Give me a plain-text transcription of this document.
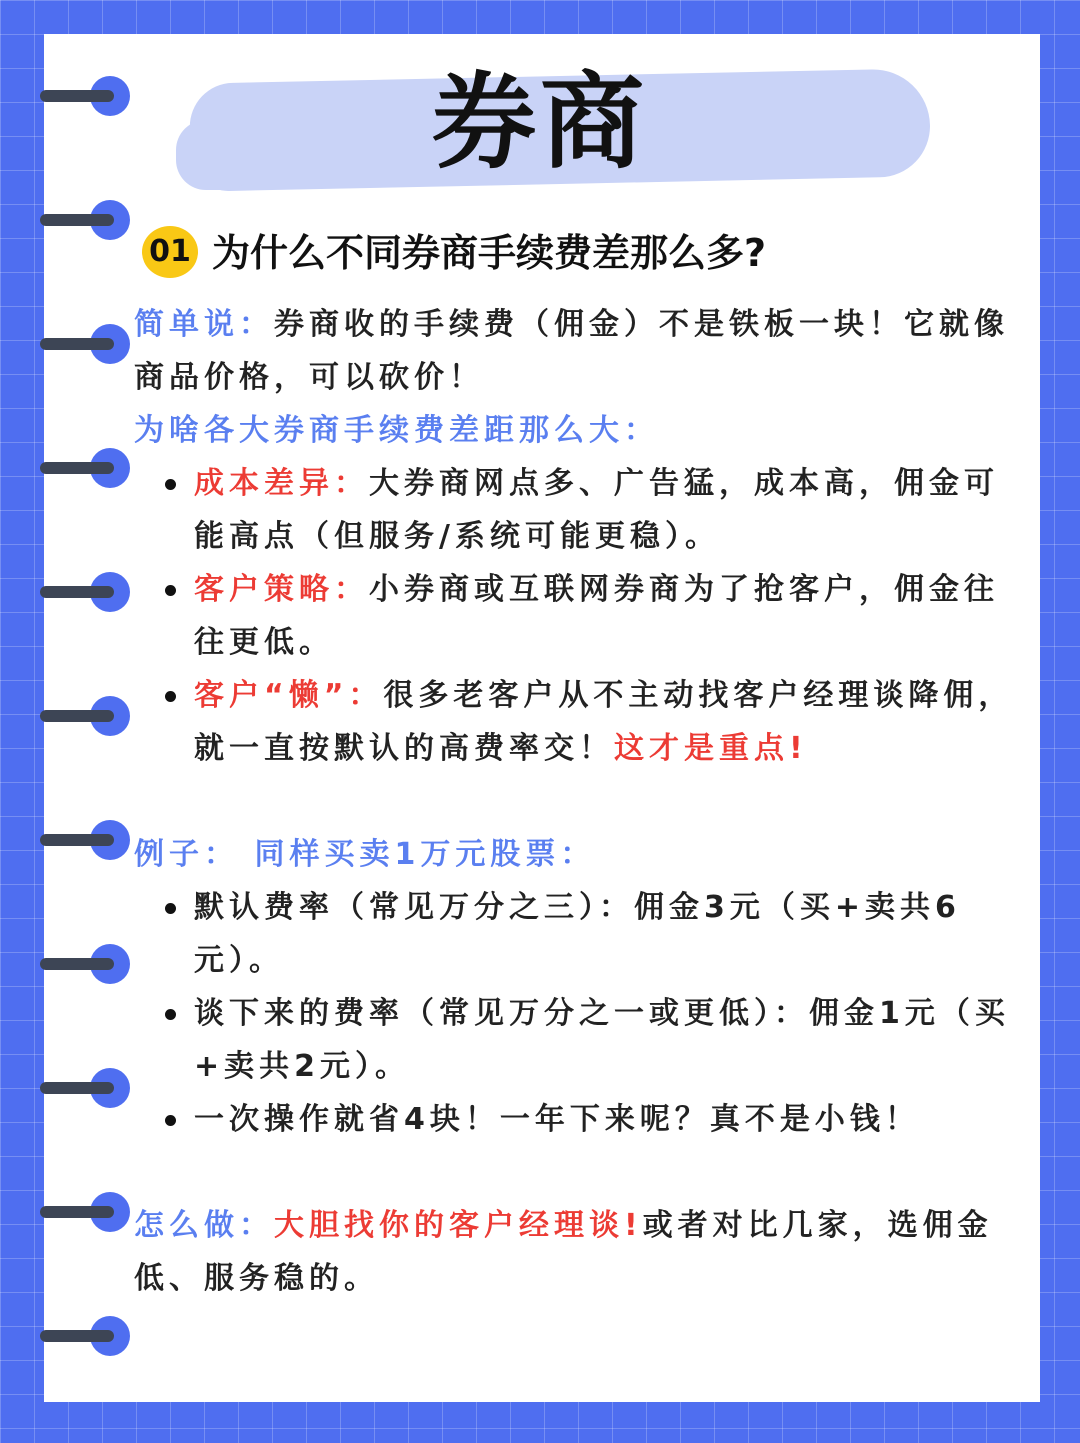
券商
01 为什么不同券商手续费差那么多?

简单说：券商收的手续费（佣金）不是铁板一块！它就像商品价格，可以砍价！

为啥各大券商手续费差距那么大：

成本差异：大券商网点多、广告猛，成本高，佣金可能高点（但服务/系统可能更稳）。
客户策略：小券商或互联网券商为了抢客户，佣金往往更低。
客户“懒”：很多老客户从不主动找客户经理谈降佣，就一直按默认的高费率交！这才是重点!

例子： 同样买卖1万元股票：

默认费率（常见万分之三）：佣金3元（买+卖共6元）。
谈下来的费率（常见万分之一或更低）：佣金1元（买+卖共2元）。
一次操作就省4块！一年下来呢？真不是小钱！

怎么做：大胆找你的客户经理谈!或者对比几家，选佣金低、服务稳的。
